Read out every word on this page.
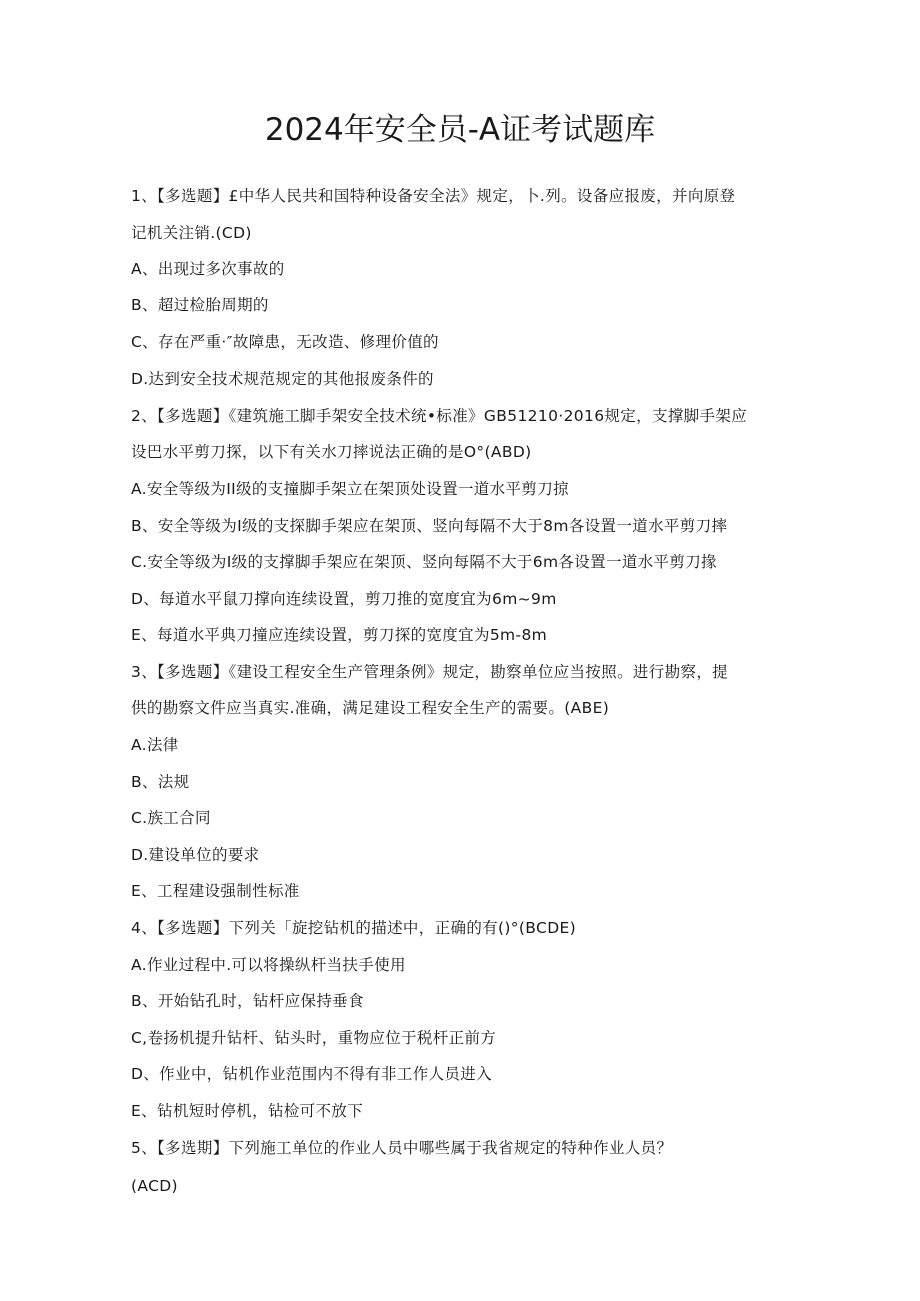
2024年安全员-A证考试题库
1、【多选题】£中华人民共和国特种设备安全法》规定，卜.列。设备应报废，并向原登
记机关注销.(CD)
A、出现过多次事故的
B、超过检胎周期的
C、存在严重·″故障患，无改造、修理价值的
D.达到安全技术规范规定的其他报废条件的
2、【多选题】《建筑施工脚手架安全技术统•标准》GB51210·2016规定，支撑脚手架应
设巴水平剪刀探，以下有关水刀摔说法正确的是O°(ABD)
A.安全等级为II级的支撞脚手架立在架顶处设置一道水平剪刀掠
B、安全等级为I级的支探脚手架应在架顶、竖向每隔不大于8m各设置一道水平剪刀摔
C.安全等级为I级的支撑脚手架应在架顶、竖向每隔不大于6m各设置一道水平剪刀掾
D、每道水平鼠刀撑向连续设置，剪刀推的宽度宜为6m~9m
E、每道水平典刀撞应连续设置，剪刀探的宽度宜为5m-8m
3、【多选题】《建设工程安全生产管理条例》规定，勘察单位应当按照。进行勘察，提
供的勘察文件应当真实.准确，满足建设工程安全生产的需要。(ABE)
A.法律
B、法规
C.族工合同
D.建设单位的要求
E、工程建设强制性标准
4、【多选题】下列关「旋挖钻机的描述中，正确的有()°(BCDE)
A.作业过程中.可以将操纵杆当扶手使用
B、开始钻孔时，钻杆应保持垂食
C,卷扬机提升钻杆、钻头时，重物应位于税杆正前方
D、作业中，钻机作业范围内不得有非工作人员进入
E、钻机短时停机，钻检可不放下
5、【多选期】下列施工单位的作业人员中哪些属于我省规定的特种作业人员？
(ACD)
